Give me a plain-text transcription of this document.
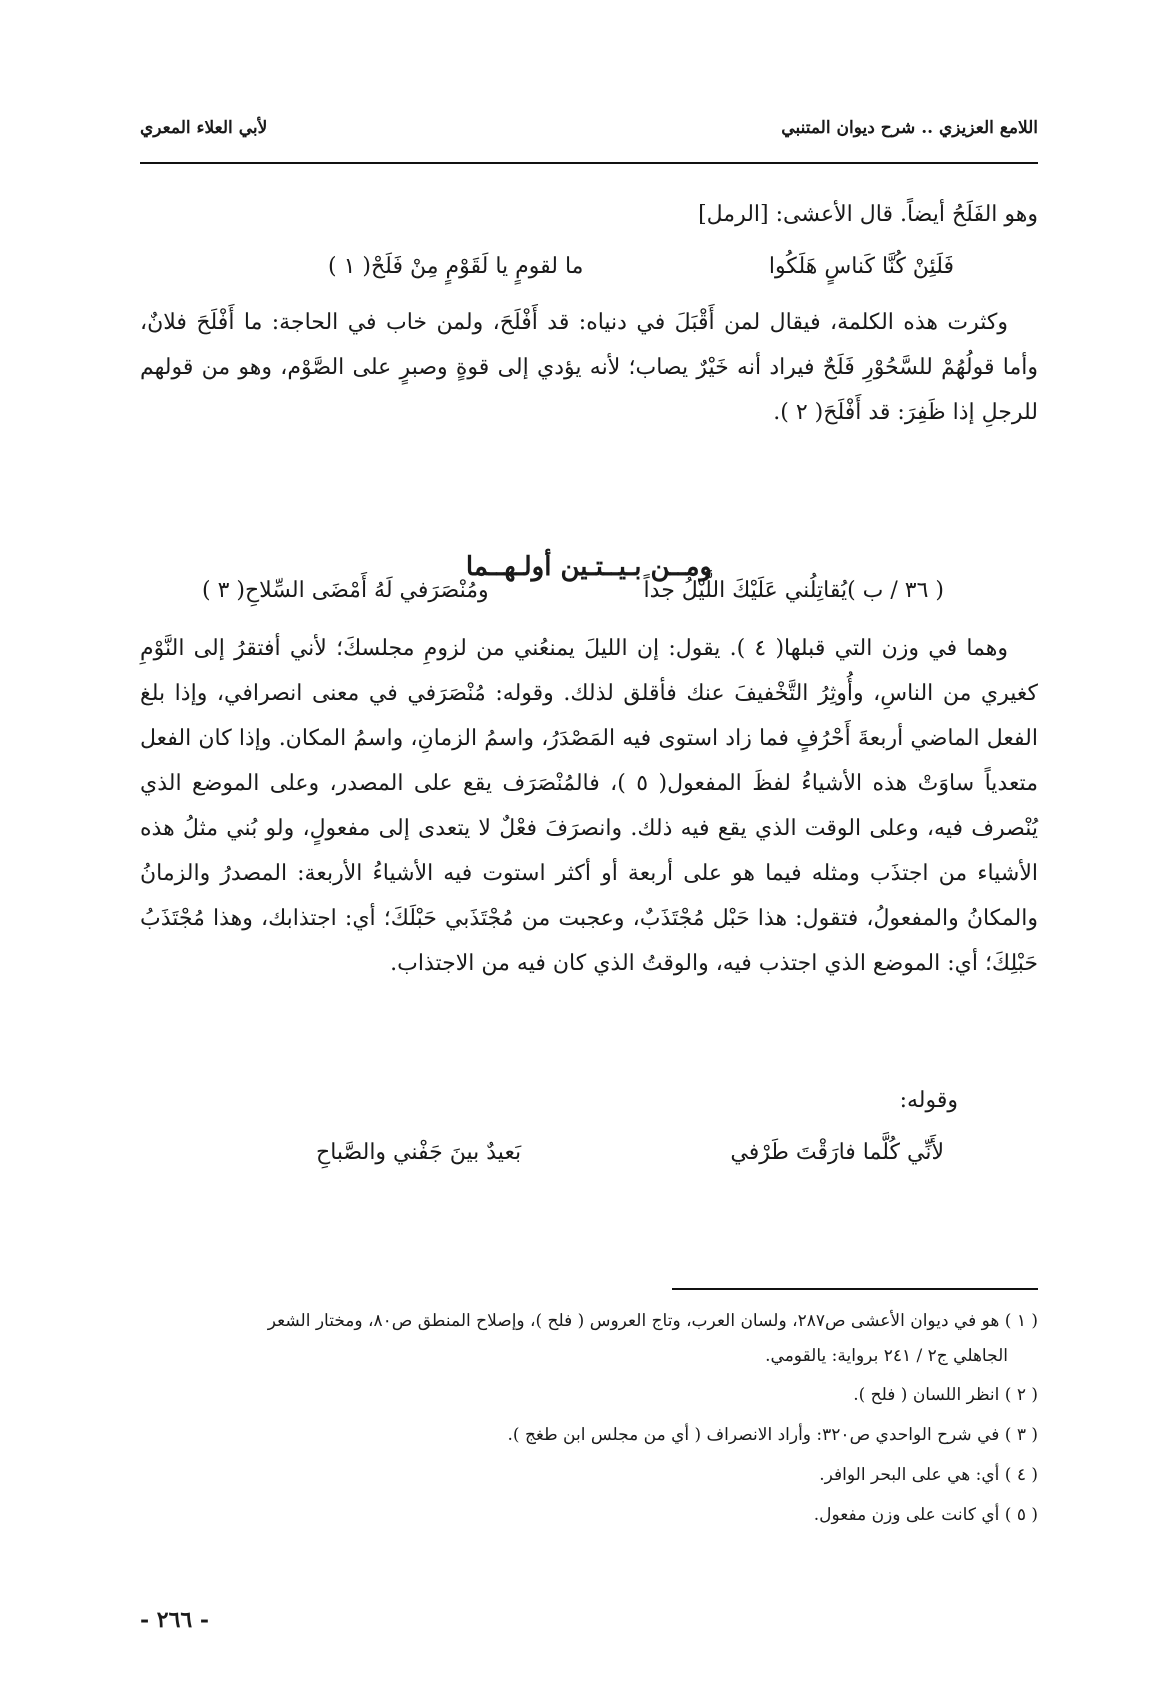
اللامع العزيزي .. شرح ديوان المتنبي
لأبي العلاء المعري

وهو الفَلَحُ أيضاً. قال الأعشى: [الرمل]

فَلَئِنْ كُنَّا كَناسٍ هَلَكُوا
ما لقومٍ يا لَقَوْمٍ مِنْ فَلَحْ( ١ )

وكثرت هذه الكلمة، فيقال لمن أَقْبَلَ في دنياه: قد أَفْلَحَ، ولمن خاب في الحاجة: ما أَفْلَحَ فلانٌ، وأما قولُهُمْ للسَّحُوْرِ فَلَحٌ فيراد أنه خَيْرٌ يصاب؛ لأنه يؤدي إلى قوةٍ وصبرٍ على الصَّوْم، وهو من قولهم للرجلِ إذا ظَفِرَ: قد أَفْلَحَ( ٢ ).

ومــن بـيــتـين أولـهــما
( ٣٦ / ب )يُقاتِلُني عَلَيْكَ اللَّيْلُ جداً
ومُنْصَرَفي لَهُ أَمْضَى السِّلاحِ( ٣ )

وهما في وزن التي قبلها( ٤ ). يقول: إن الليلَ يمنعُني من لزومِ مجلسكَ؛ لأني أفتقرُ إلى النَّوْمِ كغيري من الناسِ، وأُوثِرُ التَّخْفيفَ عنك فأقلق لذلك. وقوله: مُنْصَرَفي في معنى انصرافي، وإذا بلغ الفعل الماضي أربعةَ أَحْرُفٍ فما زاد استوى فيه المَصْدَرُ، واسمُ الزمانِ، واسمُ المكان. وإذا كان الفعل متعدياً ساوَتْ هذه الأشياءُ لفظَ المفعول( ٥ )، فالمُنْصَرَف يقع على المصدر، وعلى الموضع الذي يُنْصرف فيه، وعلى الوقت الذي يقع فيه ذلك. وانصرَفَ فعْلٌ لا يتعدى إلى مفعولٍ، ولو بُني مثلُ هذه الأشياء من اجتذَب ومثله فيما هو على أربعة أو أكثر استوت فيه الأشياءُ الأربعة: المصدرُ والزمانُ والمكانُ والمفعولُ، فتقول: هذا حَبْل مُجْتَذَبٌ، وعجبت من مُجْتَذَبي حَبْلَكَ؛ أي: اجتذابك، وهذا مُجْتَذَبُ حَبْلِكَ؛ أي: الموضع الذي اجتذب فيه، والوقتُ الذي كان فيه من الاجتذاب.

وقوله:
لأَنِّي كُلَّما فارَقْتَ طَرْفي
بَعيدٌ بينَ جَفْني والصَّباحِ

( ١ ) هو في ديوان الأعشى ص٢٨٧، ولسان العرب، وتاج العروس ( فلح )، وإصلاح المنطق ص٨٠، ومختار الشعر

الجاهلي ج٢ / ٢٤١ برواية: يالقومي.

( ٢ ) انظر اللسان ( فلح ).

( ٣ ) في شرح الواحدي ص٣٢٠: وأراد الانصراف ( أي من مجلس ابن طغج ).

( ٤ ) أي: هي على البحر الوافر.

( ٥ ) أي كانت على وزن مفعول.

- ٢٦٦ -
